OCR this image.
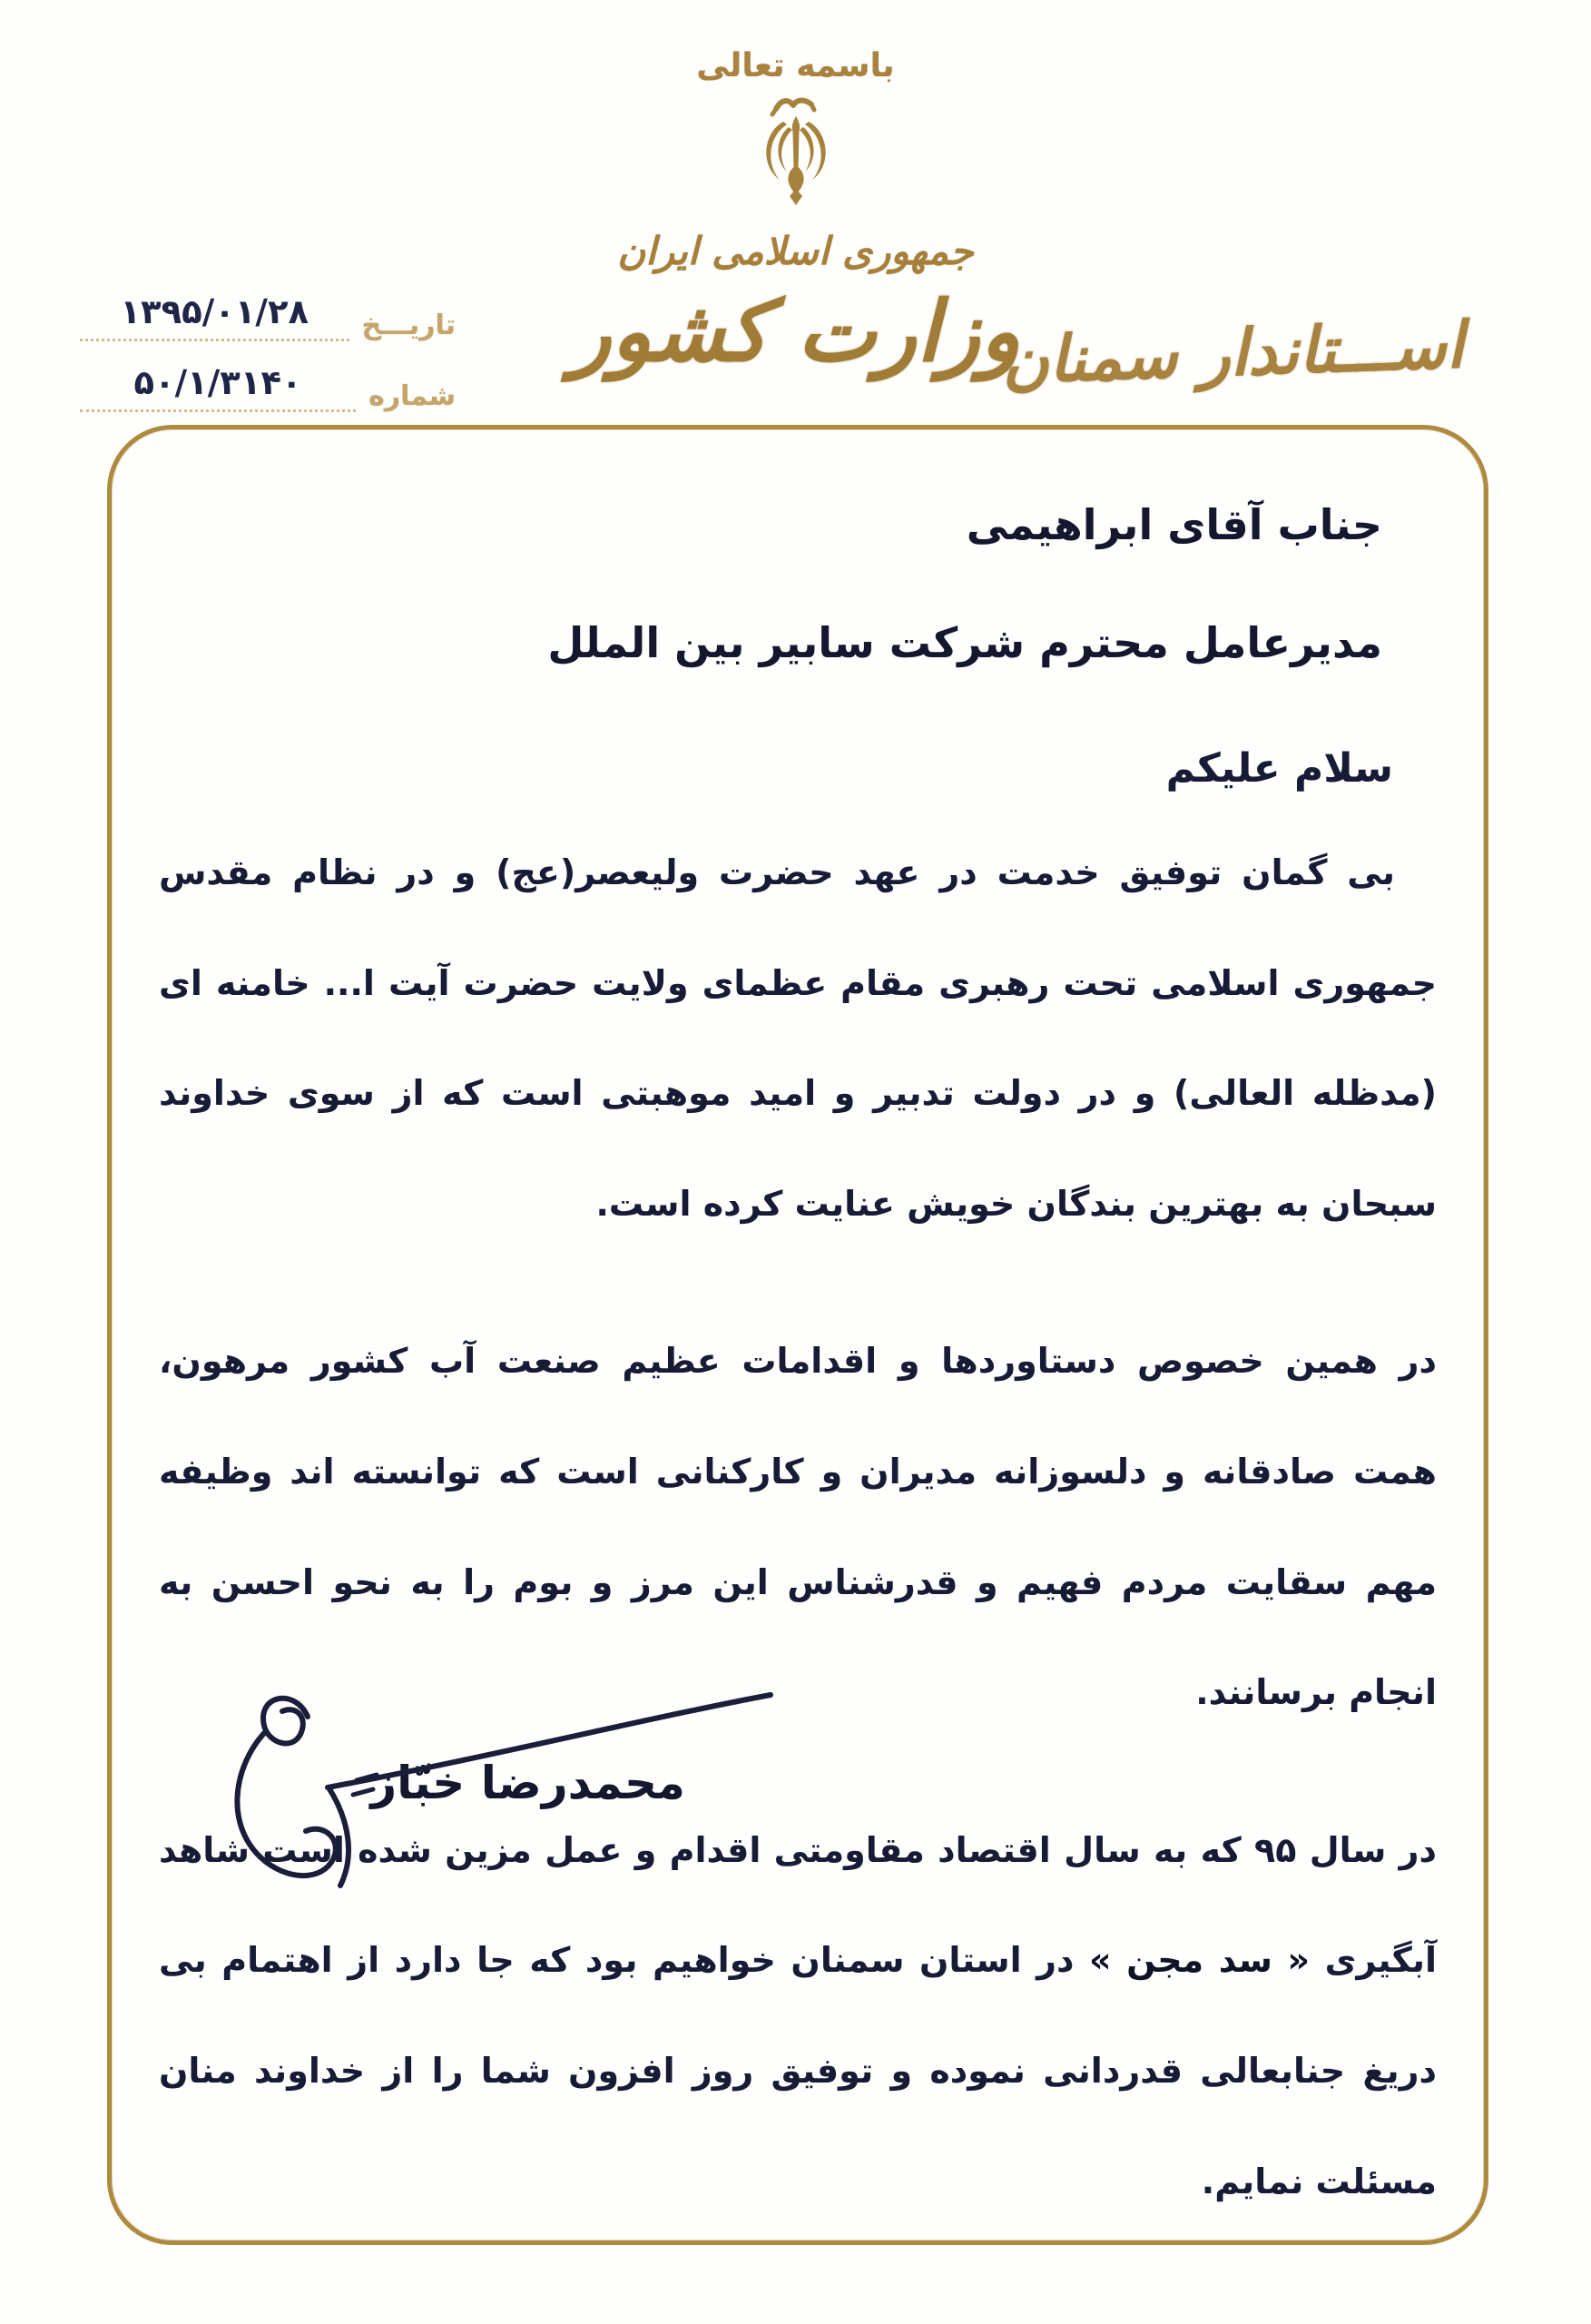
باسمه تعالی
جمهوری اسلامی ایران
وزارت کشور
تاریـــخ
۱۳۹۵/۰۱/۲۸
شماره
۵۰/۱/۳۱۴۰	اســـتاندار سمنان
جناب آقای ابراهیمی
مدیرعامل محترم شرکت سابیر بین الملل
سلام علیکم

بی گمان توفیق خدمت در عهد حضرت ولیعصر(عج) و در نظام مقدس جمهوری اسلامی تحت رهبری مقام عظمای ولایت حضرت آیت ا... خامنه ای (مدظله العالی) و در دولت تدبیر و امید موهبتی است که از سوی خداوند سبحان به بهترین بندگان خویش عنایت کرده است.

در همین خصوص دستاوردها و اقدامات عظیم صنعت آب کشور مرهون، همت صادقانه و دلسوزانه مدیران و کارکنانی است که توانسته اند وظیفه مهم سقایت مردم فهیم و قدرشناس این مرز و بوم را به نحو احسن به انجام برسانند.

در سال ۹۵ که به سال اقتصاد مقاومتی اقدام و عمل مزین شده است شاهد آبگیری « سد مجن » در استان سمنان خواهیم بود که جا دارد از اهتمام بی دریغ جنابعالی قدردانی نموده و توفیق روز افزون شما را از خداوند منان مسئلت نمایم.

محمدرضا خبّاز
